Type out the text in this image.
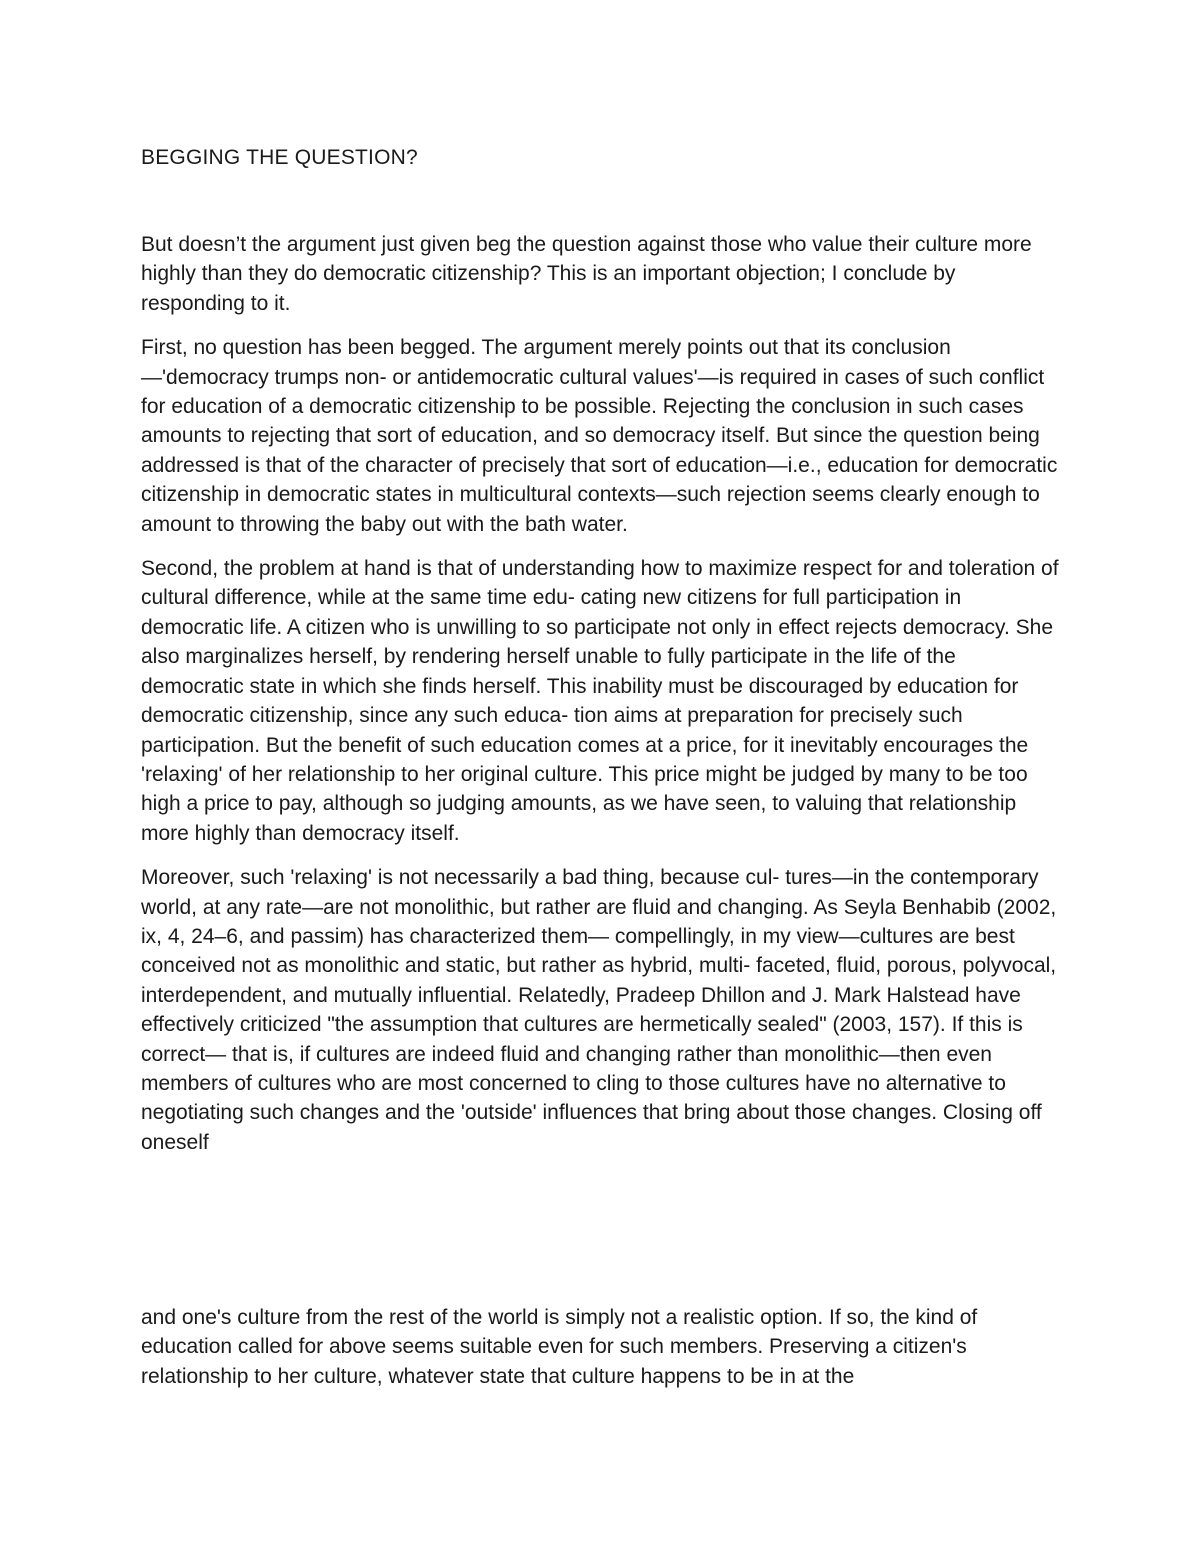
BEGGING THE QUESTION?

But doesn’t the argument just given beg the question against those who value their culture more highly than they do democratic citizenship? This is an important objection; I conclude by responding to it.

First, no question has been begged. The argument merely points out that its conclusion —'democracy trumps non- or antidemocratic cultural values'—is required in cases of such conflict for education of a democratic citizenship to be possible. Rejecting the conclusion in such cases amounts to rejecting that sort of education, and so democracy itself. But since the question being addressed is that of the character of precisely that sort of education—i.e., education for democratic citizenship in democratic states in multicultural contexts—such rejection seems clearly enough to amount to throwing the baby out with the bath water.

Second, the problem at hand is that of understanding how to maximize respect for and toleration of cultural difference, while at the same time edu- cating new citizens for full participation in democratic life. A citizen who is unwilling to so participate not only in effect rejects democracy. She also marginalizes herself, by rendering herself unable to fully participate in the life of the democratic state in which she finds herself. This inability must be discouraged by education for democratic citizenship, since any such educa- tion aims at preparation for precisely such participation. But the benefit of such education comes at a price, for it inevitably encourages the 'relaxing' of her relationship to her original culture. This price might be judged by many to be too high a price to pay, although so judging amounts, as we have seen, to valuing that relationship more highly than democracy itself.

Moreover, such 'relaxing' is not necessarily a bad thing, because cul- tures—in the contemporary world, at any rate—are not monolithic, but rather are fluid and changing. As Seyla Benhabib (2002, ix, 4, 24–6, and passim) has characterized them— compellingly, in my view—cultures are best conceived not as monolithic and static, but rather as hybrid, multi- faceted, fluid, porous, polyvocal, interdependent, and mutually influential. Relatedly, Pradeep Dhillon and J. Mark Halstead have effectively criticized "the assumption that cultures are hermetically sealed" (2003, 157). If this is correct— that is, if cultures are indeed fluid and changing rather than monolithic—then even members of cultures who are most concerned to cling to those cultures have no alternative to negotiating such changes and the 'outside' influences that bring about those changes. Closing off oneself

and one's culture from the rest of the world is simply not a realistic option. If so, the kind of education called for above seems suitable even for such members. Preserving a citizen's relationship to her culture, whatever state that culture happens to be in at the
